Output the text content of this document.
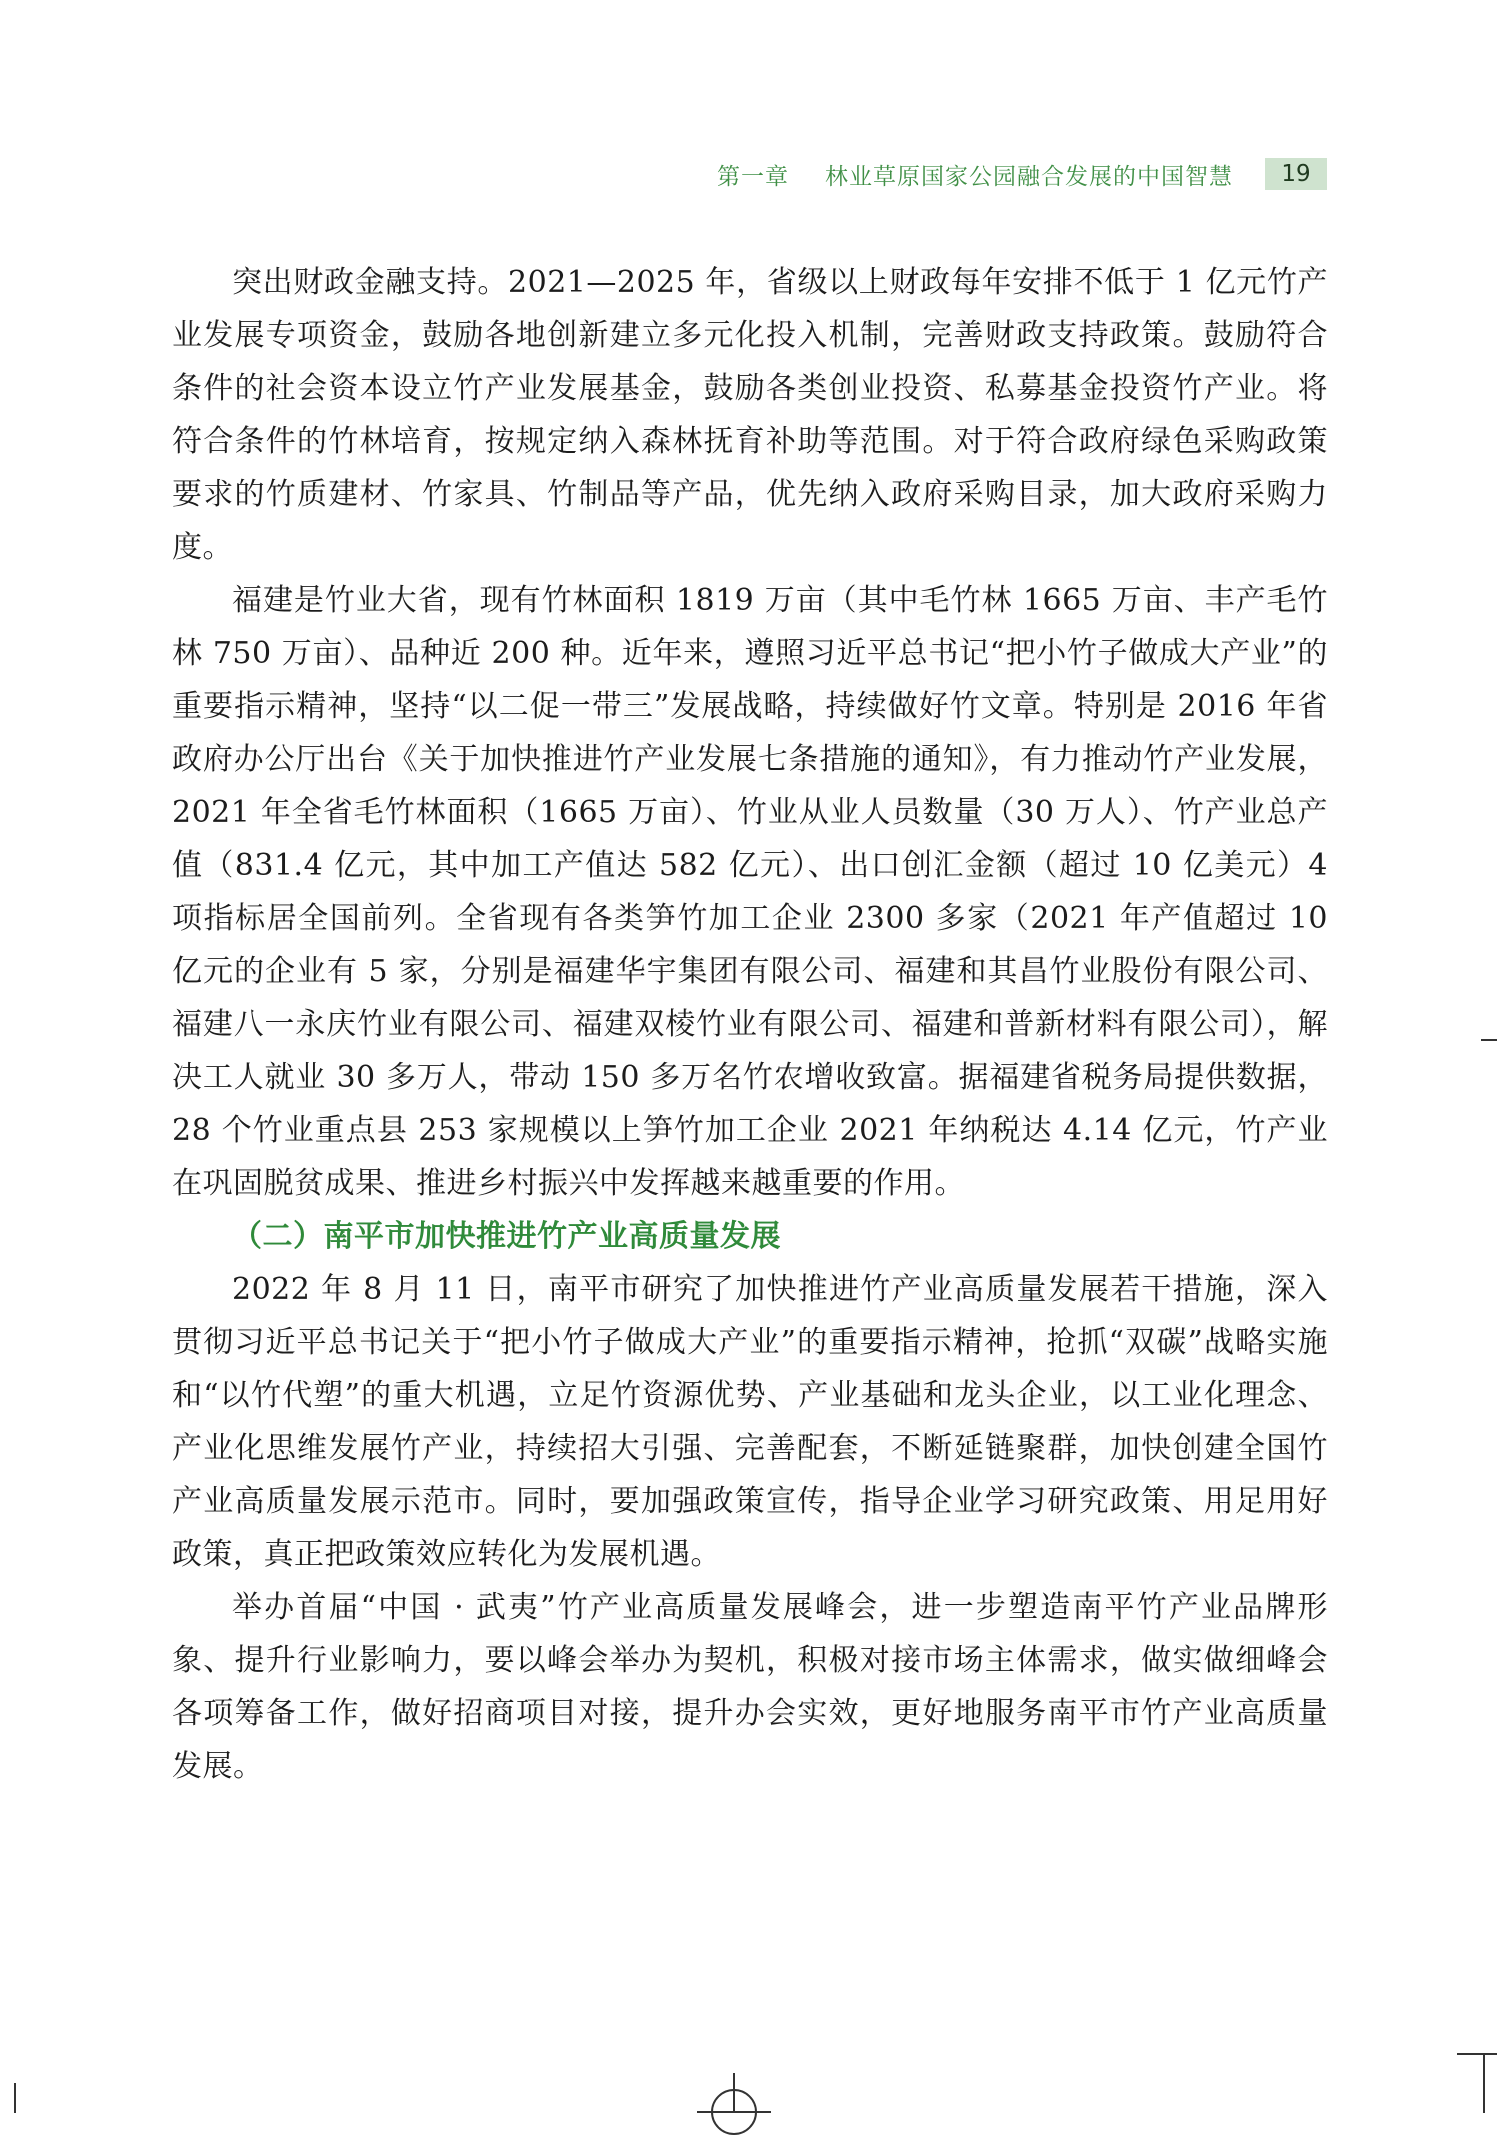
第一章 林业草原国家公园融合发展的中国智慧	19

突出财政金融支持。2021—2025 年，省级以上财政每年安排不低于 1 亿元竹产业发展专项资金，鼓励各地创新建立多元化投入机制，完善财政支持政策。鼓励符合条件的社会资本设立竹产业发展基金，鼓励各类创业投资、私募基金投资竹产业。将符合条件的竹林培育，按规定纳入森林抚育补助等范围。对于符合政府绿色采购政策要求的竹质建材、竹家具、竹制品等产品，优先纳入政府采购目录，加大政府采购力度。

福建是竹业大省，现有竹林面积 1819 万亩（其中毛竹林 1665 万亩、丰产毛竹林 750 万亩）、品种近 200 种。近年来，遵照习近平总书记“把小竹子做成大产业”的重要指示精神，坚持“以二促一带三”发展战略，持续做好竹文章。特别是 2016 年省政府办公厅出台《关于加快推进竹产业发展七条措施的通知》，有力推动竹产业发展，2021 年全省毛竹林面积（1665 万亩）、竹业从业人员数量（30 万人）、竹产业总产值（831.4 亿元，其中加工产值达 582 亿元）、出口创汇金额（超过 10 亿美元）4 项指标居全国前列。全省现有各类笋竹加工企业 2300 多家（2021 年产值超过 10 亿元的企业有 5 家，分别是福建华宇集团有限公司、福建和其昌竹业股份有限公司、福建八一永庆竹业有限公司、福建双棱竹业有限公司、福建和普新材料有限公司），解决工人就业 30 多万人，带动 150 多万名竹农增收致富。据福建省税务局提供数据，28 个竹业重点县 253 家规模以上笋竹加工企业 2021 年纳税达 4.14 亿元，竹产业在巩固脱贫成果、推进乡村振兴中发挥越来越重要的作用。

（二）南平市加快推进竹产业高质量发展

2022 年 8 月 11 日，南平市研究了加快推进竹产业高质量发展若干措施，深入贯彻习近平总书记关于“把小竹子做成大产业”的重要指示精神，抢抓“双碳”战略实施和“以竹代塑”的重大机遇，立足竹资源优势、产业基础和龙头企业，以工业化理念、产业化思维发展竹产业，持续招大引强、完善配套，不断延链聚群，加快创建全国竹产业高质量发展示范市。同时，要加强政策宣传，指导企业学习研究政策、用足用好政策，真正把政策效应转化为发展机遇。

举办首届“中国 · 武夷”竹产业高质量发展峰会，进一步塑造南平竹产业品牌形象、提升行业影响力，要以峰会举办为契机，积极对接市场主体需求，做实做细峰会各项筹备工作，做好招商项目对接，提升办会实效，更好地服务南平市竹产业高质量发展。
